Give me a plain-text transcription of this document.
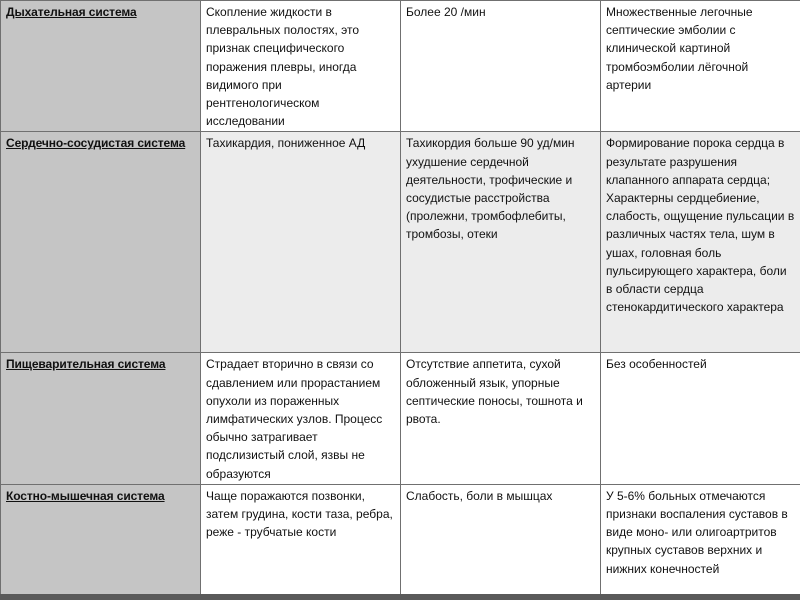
Дыхательная система	Скопление жидкости в плевральных полостях, это признак специфического поражения плевры, иногда видимого при рентгенологическом исследовании	Более 20 /мин	Множественные легочные септические эмболии с клинической картиной тромбоэмболии лёгочной артерии
Сердечно-сосудистая система	Тахикардия, пониженное АД	Тахикордия больше 90 уд/мин ухудшение сердечной деятельности, трофические и сосудистые расстройства (пролежни, тромбофлебиты, тромбозы, отеки	Формирование порока сердца в результате разрушения клапанного аппарата сердца; Характерны сердцебиение, слабость, ощущение пульсации в различных частях тела, шум в ушах, головная боль пульсирующего характера, боли в области сердца стенокардитического характера
Пищеварительная система	Страдает вторично в связи со сдавлением или прорастанием опухоли из пораженных лимфатических узлов. Процесс обычно затрагивает подслизистый слой, язвы не образуются	Отсутствие аппетита, сухой обложенный язык, упорные септические поносы, тошнота и рвота.	Без особенностей
Костно-мышечная система	Чаще поражаются позвонки, затем грудина, кости таза, ребра, реже - трубчатые кости	Слабость, боли в мышцах	У 5-6% больных отмечаются признаки воспаления суставов в виде моно- или олигоартритов крупных суставов верхних и нижних конечностей
